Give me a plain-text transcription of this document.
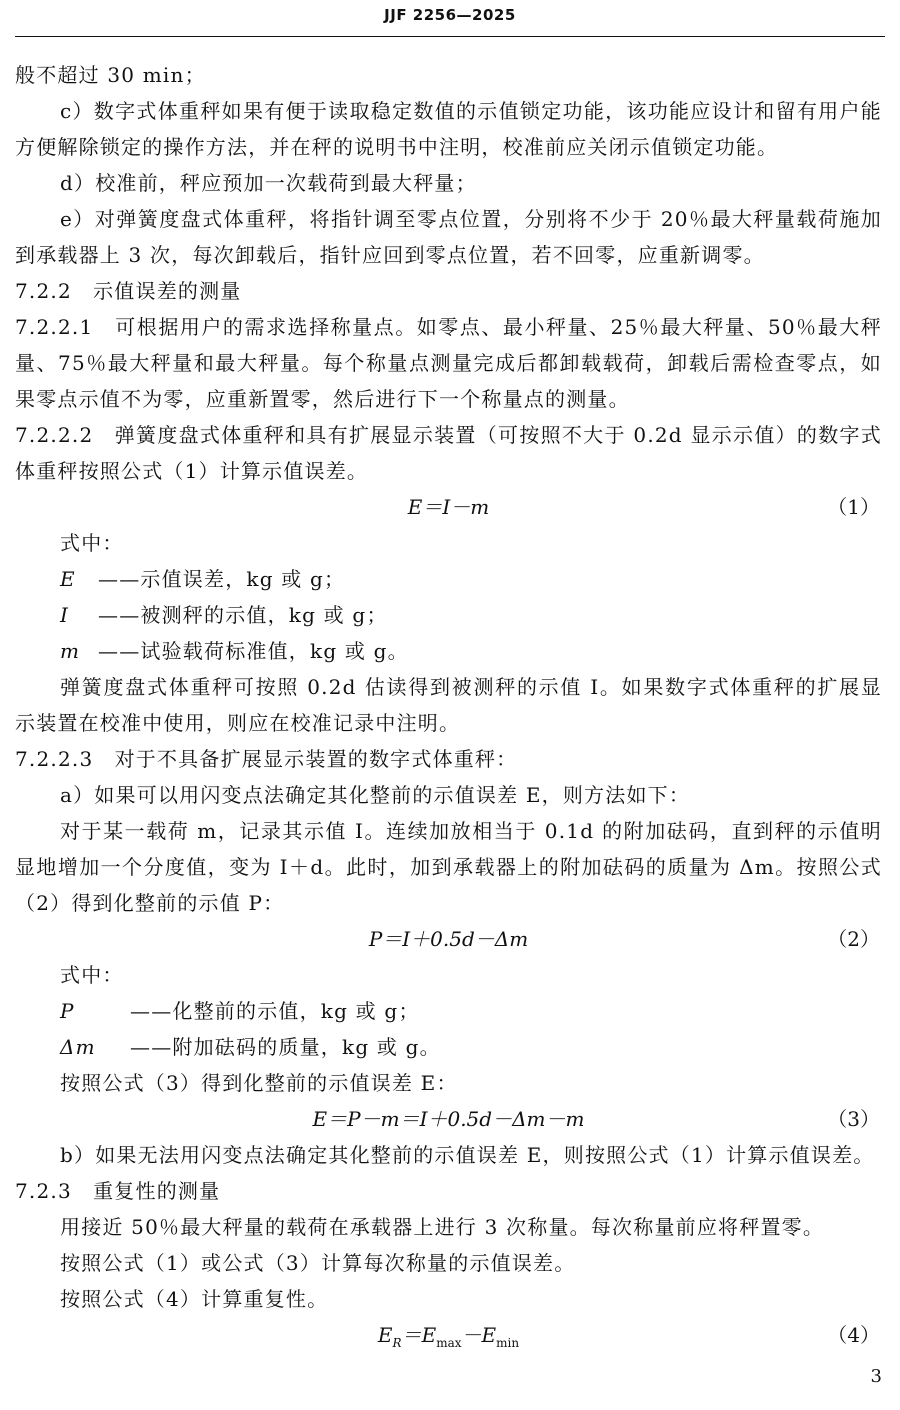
JJF 2256—2025

般不超过 30 min；

c）数字式体重秤如果有便于读取稳定数值的示值锁定功能，该功能应设计和留有用户能方便解除锁定的操作方法，并在秤的说明书中注明，校准前应关闭示值锁定功能。

d）校准前，秤应预加一次载荷到最大秤量；

e）对弹簧度盘式体重秤，将指针调至零点位置，分别将不少于 20％最大秤量载荷施加到承载器上 3 次，每次卸载后，指针应回到零点位置，若不回零，应重新调零。

7.2.2　示值误差的测量

7.2.2.1　可根据用户的需求选择称量点。如零点、最小秤量、25％最大秤量、50％最大秤量、75％最大秤量和最大秤量。每个称量点测量完成后都卸载载荷，卸载后需检查零点，如果零点示值不为零，应重新置零，然后进行下一个称量点的测量。

7.2.2.2　弹簧度盘式体重秤和具有扩展显示装置（可按照不大于 0.2d 显示示值）的数字式体重秤按照公式（1）计算示值误差。

E＝I－m	（1）

式中：

E ——示值误差，kg 或 g；

I ——被测秤的示值，kg 或 g；

m ——试验载荷标准值，kg 或 g。

弹簧度盘式体重秤可按照 0.2d 估读得到被测秤的示值 I。如果数字式体重秤的扩展显示装置在校准中使用，则应在校准记录中注明。

7.2.2.3　对于不具备扩展显示装置的数字式体重秤：

a）如果可以用闪变点法确定其化整前的示值误差 E，则方法如下：

对于某一载荷 m，记录其示值 I。连续加放相当于 0.1d 的附加砝码，直到秤的示值明显地增加一个分度值，变为 I＋d。此时，加到承载器上的附加砝码的质量为 Δm。按照公式（2）得到化整前的示值 P：

P＝I＋0.5d－Δm	（2）

式中：

P	——化整前的示值，kg 或 g；

Δm ——附加砝码的质量，kg 或 g。

按照公式（3）得到化整前的示值误差 E：

E＝P－m＝I＋0.5d－Δm－m	（3）

b）如果无法用闪变点法确定其化整前的示值误差 E，则按照公式（1）计算示值误差。

7.2.3　重复性的测量

用接近 50％最大秤量的载荷在承载器上进行 3 次称量。每次称量前应将秤置零。

按照公式（1）或公式（3）计算每次称量的示值误差。

按照公式（4）计算重复性。

$E_R=E_{max}-E_{min}$	（4）
3
